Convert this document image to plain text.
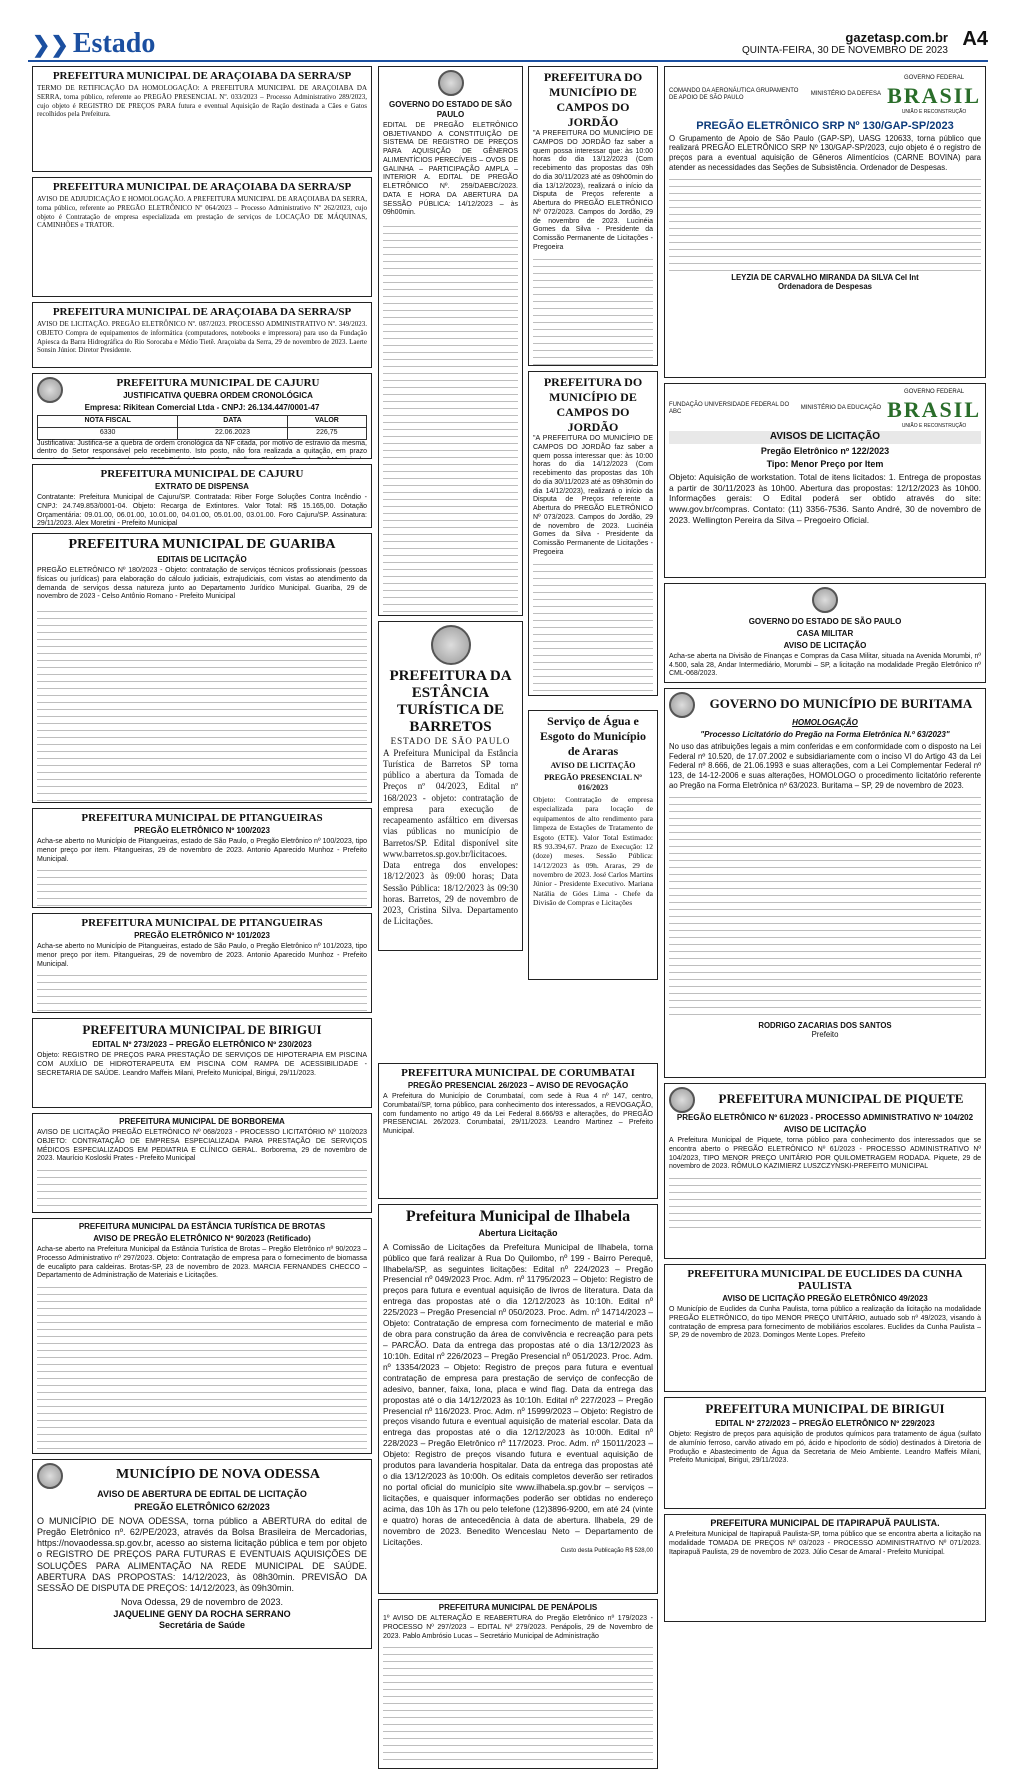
❯❯ Estado	gazetasp.com.br
QUINTA-FEIRA, 30 DE NOVEMBRO DE 2023
A4
PREFEITURA MUNICIPAL DE ARAÇOIABA DA SERRA/SP

TERMO DE RETIFICAÇÃO DA HOMOLOGAÇÃO: A PREFEITURA MUNICIPAL DE ARAÇOIABA DA SERRA, torna público, referente ao PREGÃO PRESENCIAL Nº. 033/2023 – Processo Administrativo 289/2023, cujo objeto é REGISTRO DE PREÇOS PARA futura e eventual Aquisição de Ração destinada a Cães e Gatos recolhidos pela Prefeitura.

PREFEITURA MUNICIPAL DE ARAÇOIABA DA SERRA/SP

AVISO DE ADJUDICAÇÃO E HOMOLOGAÇÃO. A PREFEITURA MUNICIPAL DE ARAÇOIABA DA SERRA, torna público, referente ao PREGÃO ELETRÔNICO Nº 064/2023 – Processo Administrativo Nº 262/2023, cujo objeto é Contratação de empresa especializada em prestação de serviços de LOCAÇÃO DE MÁQUINAS, CAMINHÕES e TRATOR.

PREFEITURA MUNICIPAL DE ARAÇOIABA DA SERRA/SP

AVISO DE LICITAÇÃO. PREGÃO ELETRÔNICO Nº. 087/2023. PROCESSO ADMINISTRATIVO Nº. 349/2023. OBJETO Compra de equipamentos de informática (computadores, notebooks e impressora) para uso da Fundação Apiesca da Barra Hidrográfica do Rio Sorocaba e Médio Tietê. Araçoiaba da Serra, 29 de novembro de 2023. Laerte Sonsin Júnior. Diretor Presidente.

PREFEITURA MUNICIPAL DE CAJURU
JUSTIFICATIVA QUEBRA ORDEM CRONOLÓGICA
Empresa: Rikitean Comercial Ltda - CNPJ: 26.134.447/0001-47
NOTA FISCAL	DATA	VALOR
6330	22.06.2023	226,75

Justificativa: Justifica-se a quebra de ordem cronológica da NF citada, por motivo de estravio da mesma, dentro do Setor responsável pelo recebimento. Isto posto, não fora realizada a quitação, em prazo

PREFEITURA MUNICIPAL DE CAJURU
EXTRATO DE DISPENSA

Contratante: Prefeitura Municipal de Cajuru/SP. Contratada: Riber Forge Soluções Contra Incêndio - CNPJ: 24.749.853/0001-04. Objeto: Recarga de Extintores. Valor Total: R$ 15.165,00. Dotação Orçamentária: 09.01.00, 06.01.00, 10.01.00, 04.01.00, 05.01.00, 03.01.00. Foro Cajuru/SP. Assinatura: 29/11/2023. Alex Moretini - Prefeito Municipal

PREFEITURA MUNICIPAL DE GUARIBA
EDITAIS DE LICITAÇÃO

PREGÃO ELETRÔNICO Nº 180/2023 - Objeto: contratação de serviços técnicos profissionais (pessoas físicas ou jurídicas) para elaboração do cálculo judiciais, extrajudiciais, com vistas ao atendimento da demanda de serviços dessa natureza junto ao Departamento Jurídico Municipal. Guariba, 29 de novembro de 2023 - Celso Antônio Romano - Prefeito Municipal

PREFEITURA MUNICIPAL DE PITANGUEIRAS
PREGÃO ELETRÔNICO Nº 100/2023

Acha-se aberto no Município de Pitangueiras, estado de São Paulo, o Pregão Eletrônico nº 100/2023, tipo menor preço por item. Pitangueiras, 29 de novembro de 2023. Antonio Aparecido Munhoz - Prefeito Municipal.

PREFEITURA MUNICIPAL DE PITANGUEIRAS
PREGÃO ELETRÔNICO Nº 101/2023

Acha-se aberto no Município de Pitangueiras, estado de São Paulo, o Pregão Eletrônico nº 101/2023, tipo menor preço por item. Pitangueiras, 29 de novembro de 2023. Antonio Aparecido Munhoz - Prefeito Municipal.

PREFEITURA MUNICIPAL DE BIRIGUI
EDITAL Nº 273/2023 – PREGÃO ELETRÔNICO Nº 230/2023

Objeto: REGISTRO DE PREÇOS PARA PRESTAÇÃO DE SERVIÇOS DE HIPOTERAPIA EM PISCINA COM AUXÍLIO DE HIDROTERAPEUTA EM PISCINA COM RAMPA DE ACESSIBILIDADE - SECRETARIA DE SAÚDE. Leandro Maffeis Milani, Prefeito Municipal, Birigui, 29/11/2023.

PREFEITURA MUNICIPAL DE BORBOREMA

AVISO DE LICITAÇÃO PREGÃO ELETRÔNICO Nº 068/2023 - PROCESSO LICITATÓRIO Nº 110/2023 OBJETO: CONTRATAÇÃO DE EMPRESA ESPECIALIZADA PARA PRESTAÇÃO DE SERVIÇOS MÉDICOS ESPECIALIZADOS EM PEDIATRIA E CLÍNICO GERAL. Borborema, 29 de novembro de 2023. Maurício Kosloski Prates - Prefeito Municipal

PREFEITURA MUNICIPAL DA ESTÂNCIA TURÍSTICA DE BROTAS
AVISO DE PREGÃO ELETRÔNICO Nº 90/2023 (Retificado)

Acha-se aberto na Prefeitura Municipal da Estância Turística de Brotas – Pregão Eletrônico nº 90/2023 – Processo Administrativo nº 297/2023. Objeto: Contratação de empresa para o fornecimento de biomassa de eucalipto para caldeiras. Brotas-SP, 23 de novembro de 2023. MARCIA FERNANDES CHECCO – Departamento de Administração de Materiais e Licitações.

MUNICÍPIO DE NOVA ODESSA
AVISO DE ABERTURA DE EDITAL DE LICITAÇÃO
PREGÃO ELETRÔNICO 62/2023

O MUNICÍPIO DE NOVA ODESSA, torna público a ABERTURA do edital de Pregão Eletrônico nº. 62/PE/2023, através da Bolsa Brasileira de Mercadorias, https://novaodessa.sp.gov.br, acesso ao sistema licitação pública e tem por objeto o REGISTRO DE PREÇOS PARA FUTURAS E EVENTUAIS AQUISIÇÕES DE SOLUÇÕES PARA ALIMENTAÇÃO NA REDE MUNICIPAL DE SAÚDE. ABERTURA DAS PROPOSTAS: 14/12/2023, às 08h30min. PREVISÃO DA SESSÃO DE DISPUTA DE PREÇOS: 14/12/2023, às 09h30min.

Nova Odessa, 29 de novembro de 2023.

JAQUELINE GENY DA ROCHA SERRANO

Secretária de Saúde

GOVERNO DO ESTADO DE SÃO PAULO

EDITAL DE PREGÃO ELETRÔNICO OBJETIVANDO A CONSTITUIÇÃO DE SISTEMA DE REGISTRO DE PREÇOS PARA AQUISIÇÃO DE GÊNEROS ALIMENTÍCIOS PERECÍVEIS – OVOS DE GALINHA – PARTICIPAÇÃO AMPLA – INTERIOR A. EDITAL DE PREGÃO ELETRÔNICO Nº. 259/DAEBC/2023. DATA E HORA DA ABERTURA DA SESSÃO PÚBLICA: 14/12/2023 – às 09h00min.

PREFEITURA DA ESTÂNCIA TURÍSTICA DE BARRETOS

ESTADO DE SÃO PAULO

A Prefeitura Municipal da Estância Turística de Barretos SP torna público a abertura da Tomada de Preços nº 04/2023, Edital nº 168/2023 - objeto: contratação de empresa para execução de recapeamento asfáltico em diversas vias públicas no município de Barretos/SP. Edital disponível site www.barretos.sp.gov.br/licitacoes. Data entrega dos envelopes: 18/12/2023 às 09:00 horas; Data Sessão Pública: 18/12/2023 às 09:30 horas. Barretos, 29 de novembro de 2023, Cristina Silva. Departamento de Licitações.

Serviço de Água e Esgoto do Município de Araras
AVISO DE LICITAÇÃO
PREGÃO PRESENCIAL Nº 016/2023

Objeto: Contratação de empresa especializada para locação de equipamentos de alto rendimento para limpeza de Estações de Tratamento de Esgoto (ETE). Valor Total Estimado: R$ 93.394,67. Prazo de Execução: 12 (doze) meses. Sessão Pública: 14/12/2023 às 09h. Araras, 29 de novembro de 2023. José Carlos Martins Júnior - Presidente Executivo. Mariana Natália de Góes Lima - Chefe da Divisão de Compras e Licitações

PREFEITURA DO MUNICÍPIO DE CAMPOS DO JORDÃO

"A PREFEITURA DO MUNICÍPIO DE CAMPOS DO JORDÃO faz saber a quem possa interessar que: às 10:00 horas do dia 13/12/2023 (Com recebimento das propostas das 09h do dia 30/11/2023 até as 09h00min do dia 13/12/2023), realizará o início da Disputa de Preços referente a Abertura do PREGÃO ELETRÔNICO Nº 072/2023. Campos do Jordão, 29 de novembro de 2023. Lucinéia Gomes da Silva - Presidente da Comissão Permanente de Licitações - Pregoeira

PREFEITURA DO MUNICÍPIO DE CAMPOS DO JORDÃO

"A PREFEITURA DO MUNICÍPIO DE CAMPOS DO JORDÃO faz saber a quem possa interessar que: às 10:00 horas do dia 14/12/2023 (Com recebimento das propostas das 10h do dia 30/11/2023 até as 09h30min do dia 14/12/2023), realizará o início da Disputa de Preços referente a Abertura do PREGÃO ELETRÔNICO Nº 073/2023. Campos do Jordão, 29 de novembro de 2023. Lucinéia Gomes da Silva - Presidente da Comissão Permanente de Licitações - Pregoeira

PREFEITURA MUNICIPAL DE CORUMBATAI
PREGÃO PRESENCIAL 26/2023 – AVISO DE REVOGAÇÃO

A Prefeitura do Município de Corumbataí, com sede à Rua 4 nº 147, centro, Corumbataí/SP, torna público, para conhecimento dos interessados, a REVOGAÇÃO, com fundamento no artigo 49 da Lei Federal 8.666/93 e alterações, do PREGÃO PRESENCIAL 26/2023. Corumbataí, 29/11/2023. Leandro Martinez – Prefeito Municipal.

Prefeitura Municipal de Ilhabela
Abertura Licitação

A Comissão de Licitações da Prefeitura Municipal de Ilhabela, torna público que fará realizar à Rua Do Quilombo, nº 199 - Bairro Perequê, Ilhabela/SP, as seguintes licitações: Edital nº 224/2023 – Pregão Presencial nº 049/2023 Proc. Adm. nº 11795/2023 – Objeto: Registro de preços para futura e eventual aquisição de livros de literatura. Data da entrega das propostas até o dia 12/12/2023 às 10:10h. Edital nº 225/2023 – Pregão Presencial nº 050/2023. Proc. Adm. nº 14714/2023 – Objeto: Contratação de empresa com fornecimento de material e mão de obra para construção da área de convivência e recreação para pets – PARCÃO. Data da entrega das propostas até o dia 13/12/2023 às 10:10h. Edital nº 226/2023 – Pregão Presencial nº 051/2023. Proc. Adm. nº 13354/2023 – Objeto: Registro de preços para futura e eventual contratação de empresa para prestação de serviço de confecção de adesivo, banner, faixa, lona, placa e wind flag. Data da entrega das propostas até o dia 14/12/2023 às 10:10h. Edital nº 227/2023 – Pregão Presencial nº 116/2023. Proc. Adm. nº 15999/2023 – Objeto: Registro de preços visando futura e eventual aquisição de material escolar. Data da entrega das propostas até o dia 12/12/2023 às 10:00h. Edital nº 228/2023 – Pregão Eletrônico nº 117/2023. Proc. Adm. nº 15011/2023 – Objeto: Registro de preços visando futura e eventual aquisição de produtos para lavanderia hospitalar. Data da entrega das propostas até o dia 13/12/2023 às 10:00h. Os editais completos deverão ser retirados no portal oficial do município site www.ilhabela.sp.gov.br – serviços – licitações, e quaisquer informações poderão ser obtidas no endereço acima, das 10h às 17h ou pelo telefone (12)3896-9200, em até 24 (vinte e quatro) horas de antecedência à data de abertura. Ilhabela, 29 de novembro de 2023. Benedito Wenceslau Neto – Departamento de Licitações.

Custo desta Publicação R$ 528,00

PREFEITURA MUNICIPAL DE PENÁPOLIS

1º AVISO DE ALTERAÇÃO E REABERTURA do Pregão Eletrônico nº 179/2023 - PROCESSO Nº 297/2023 – EDITAL Nº 279/2023. Penápolis, 29 de Novembro de 2023. Pablo Ambrósio Lucas – Secretário Municipal de Administração

COMANDO DA AERONÁUTICA GRUPAMENTO DE APOIO DE SÃO PAULO
MINISTÉRIO DA DEFESA
GOVERNO FEDERAL
BRASIL
UNIÃO E RECONSTRUÇÃO
PREGÃO ELETRÔNICO SRP Nº 130/GAP-SP/2023

O Grupamento de Apoio de São Paulo (GAP-SP), UASG 120633, torna público que realizará PREGÃO ELETRÔNICO SRP Nº 130/GAP-SP/2023, cujo objeto é o registro de preços para a eventual aquisição de Gêneros Alimentícios (CARNE BOVINA) para atender as necessidades das Seções de Subsistência. Ordenador de Despesas.

LEYZIA DE CARVALHO MIRANDA DA SILVA Cel Int

Ordenadora de Despesas

FUNDAÇÃO UNIVERSIDADE FEDERAL DO ABC
MINISTÉRIO DA EDUCAÇÃO
GOVERNO FEDERAL
BRASIL
UNIÃO E RECONSTRUÇÃO
AVISOS DE LICITAÇÃO
Pregão Eletrônico nº 122/2023
Tipo: Menor Preço por Item

Objeto: Aquisição de workstation. Total de itens licitados: 1. Entrega de propostas a partir de 30/11/2023 às 10h00. Abertura das propostas: 12/12/2023 às 10h00. Informações gerais: O Edital poderá ser obtido através do site: www.gov.br/compras. Contato: (11) 3356-7536. Santo André, 30 de novembro de 2023. Wellington Pereira da Silva – Pregoeiro Oficial.

GOVERNO DO ESTADO DE SÃO PAULO
CASA MILITAR
AVISO DE LICITAÇÃO

Acha-se aberta na Divisão de Finanças e Compras da Casa Militar, situada na Avenida Morumbi, nº 4.500, sala 28, Andar Intermediário, Morumbi – SP, a licitação na modalidade Pregão Eletrônico nº CML-068/2023.

GOVERNO DO MUNICÍPIO DE BURITAMA
HOMOLOGAÇÃO
"Processo Licitatório do Pregão na Forma Eletrônica N.º 63/2023"

No uso das atribuições legais a mim conferidas e em conformidade com o disposto na Lei Federal nº 10.520, de 17.07.2002 e subsidiariamente com o inciso VI do Artigo 43 da Lei Federal nº 8.666, de 21.06.1993 e suas alterações, com a Lei Complementar Federal nº 123, de 14-12-2006 e suas alterações, HOMOLOGO o procedimento licitatório referente ao Pregão na Forma Eletrônica nº 63/2023. Buritama – SP, 29 de novembro de 2023.

RODRIGO ZACARIAS DOS SANTOS

Prefeito

PREFEITURA MUNICIPAL DE PIQUETE
PREGÃO ELETRÔNICO Nº 61/2023 - PROCESSO ADMINISTRATIVO Nº 104/202
AVISO DE LICITAÇÃO

A Prefeitura Municipal de Piquete, torna público para conhecimento dos interessados que se encontra aberto o PREGÃO ELETRÔNICO Nº 61/2023 - PROCESSO ADMINISTRATIVO Nº 104/2023, TIPO MENOR PREÇO UNITÁRIO POR QUILOMETRAGEM RODADA. Piquete, 29 de novembro de 2023. RÔMULO KAZIMIERZ LUSZCZYNSKI-PREFEITO MUNICIPAL

PREFEITURA MUNICIPAL DE EUCLIDES DA CUNHA PAULISTA
AVISO DE LICITAÇÃO PREGÃO ELETRÔNICO 49/2023

O Município de Euclides da Cunha Paulista, torna público a realização da licitação na modalidade PREGÃO ELETRÔNICO, do tipo MENOR PREÇO UNITÁRIO, autuado sob nº 49/2023, visando à contratação de empresa para fornecimento de mobiliários escolares. Euclides da Cunha Paulista – SP, 29 de novembro de 2023. Domingos Mente Lopes. Prefeito

PREFEITURA MUNICIPAL DE BIRIGUI
EDITAL Nº 272/2023 – PREGÃO ELETRÔNICO Nº 229/2023

Objeto: Registro de preços para aquisição de produtos químicos para tratamento de água (sulfato de alumínio ferroso, carvão ativado em pó, ácido e hipoclorito de sódio) destinados à Diretoria de Produção e Abastecimento de Água da Secretaria de Meio Ambiente. Leandro Maffeis Milani, Prefeito Municipal, Birigui, 29/11/2023.

PREFEITURA MUNICIPAL DE ITAPIRAPUÃ PAULISTA.

A Prefeitura Municipal de Itapirapuã Paulista-SP, torna público que se encontra aberta a licitação na modalidade TOMADA DE PREÇOS Nº 03/2023 - PROCESSO ADMINISTRATIVO Nº 071/2023. Itapirapuã Paulista, 29 de novembro de 2023. Júlio Cesar de Amaral - Prefeito Municipal.
